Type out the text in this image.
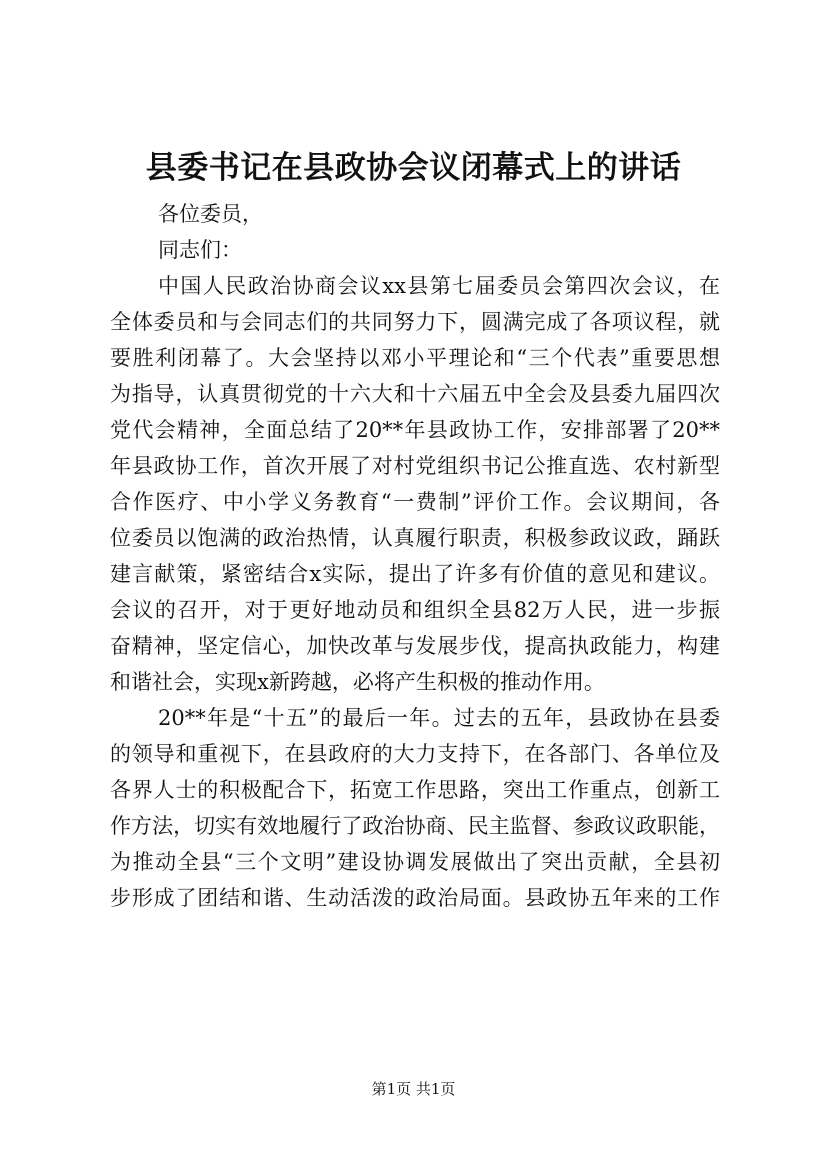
县委书记在县政协会议闭幕式上的讲话
各位委员，
同志们：
中国人民政治协商会议xx县第七届委员会第四次会议，在
全体委员和与会同志们的共同努力下，圆满完成了各项议程，就
要胜利闭幕了。大会坚持以邓小平理论和“三个代表”重要思想
为指导，认真贯彻党的十六大和十六届五中全会及县委九届四次
党代会精神，全面总结了20**年县政协工作，安排部署了20**
年县政协工作，首次开展了对村党组织书记公推直选、农村新型
合作医疗、中小学义务教育“一费制”评价工作。会议期间，各
位委员以饱满的政治热情，认真履行职责，积极参政议政，踊跃
建言献策，紧密结合x实际，提出了许多有价值的意见和建议。
会议的召开，对于更好地动员和组织全县82万人民，进一步振
奋精神，坚定信心，加快改革与发展步伐，提高执政能力，构建
和谐社会，实现x新跨越，必将产生积极的推动作用。
20**年是“十五”的最后一年。过去的五年，县政协在县委
的领导和重视下，在县政府的大力支持下，在各部门、各单位及
各界人士的积极配合下，拓宽工作思路，突出工作重点，创新工
作方法，切实有效地履行了政治协商、民主监督、参政议政职能，
为推动全县“三个文明”建设协调发展做出了突出贡献，全县初
步形成了团结和谐、生动活泼的政治局面。县政协五年来的工作
第1页 共1页
